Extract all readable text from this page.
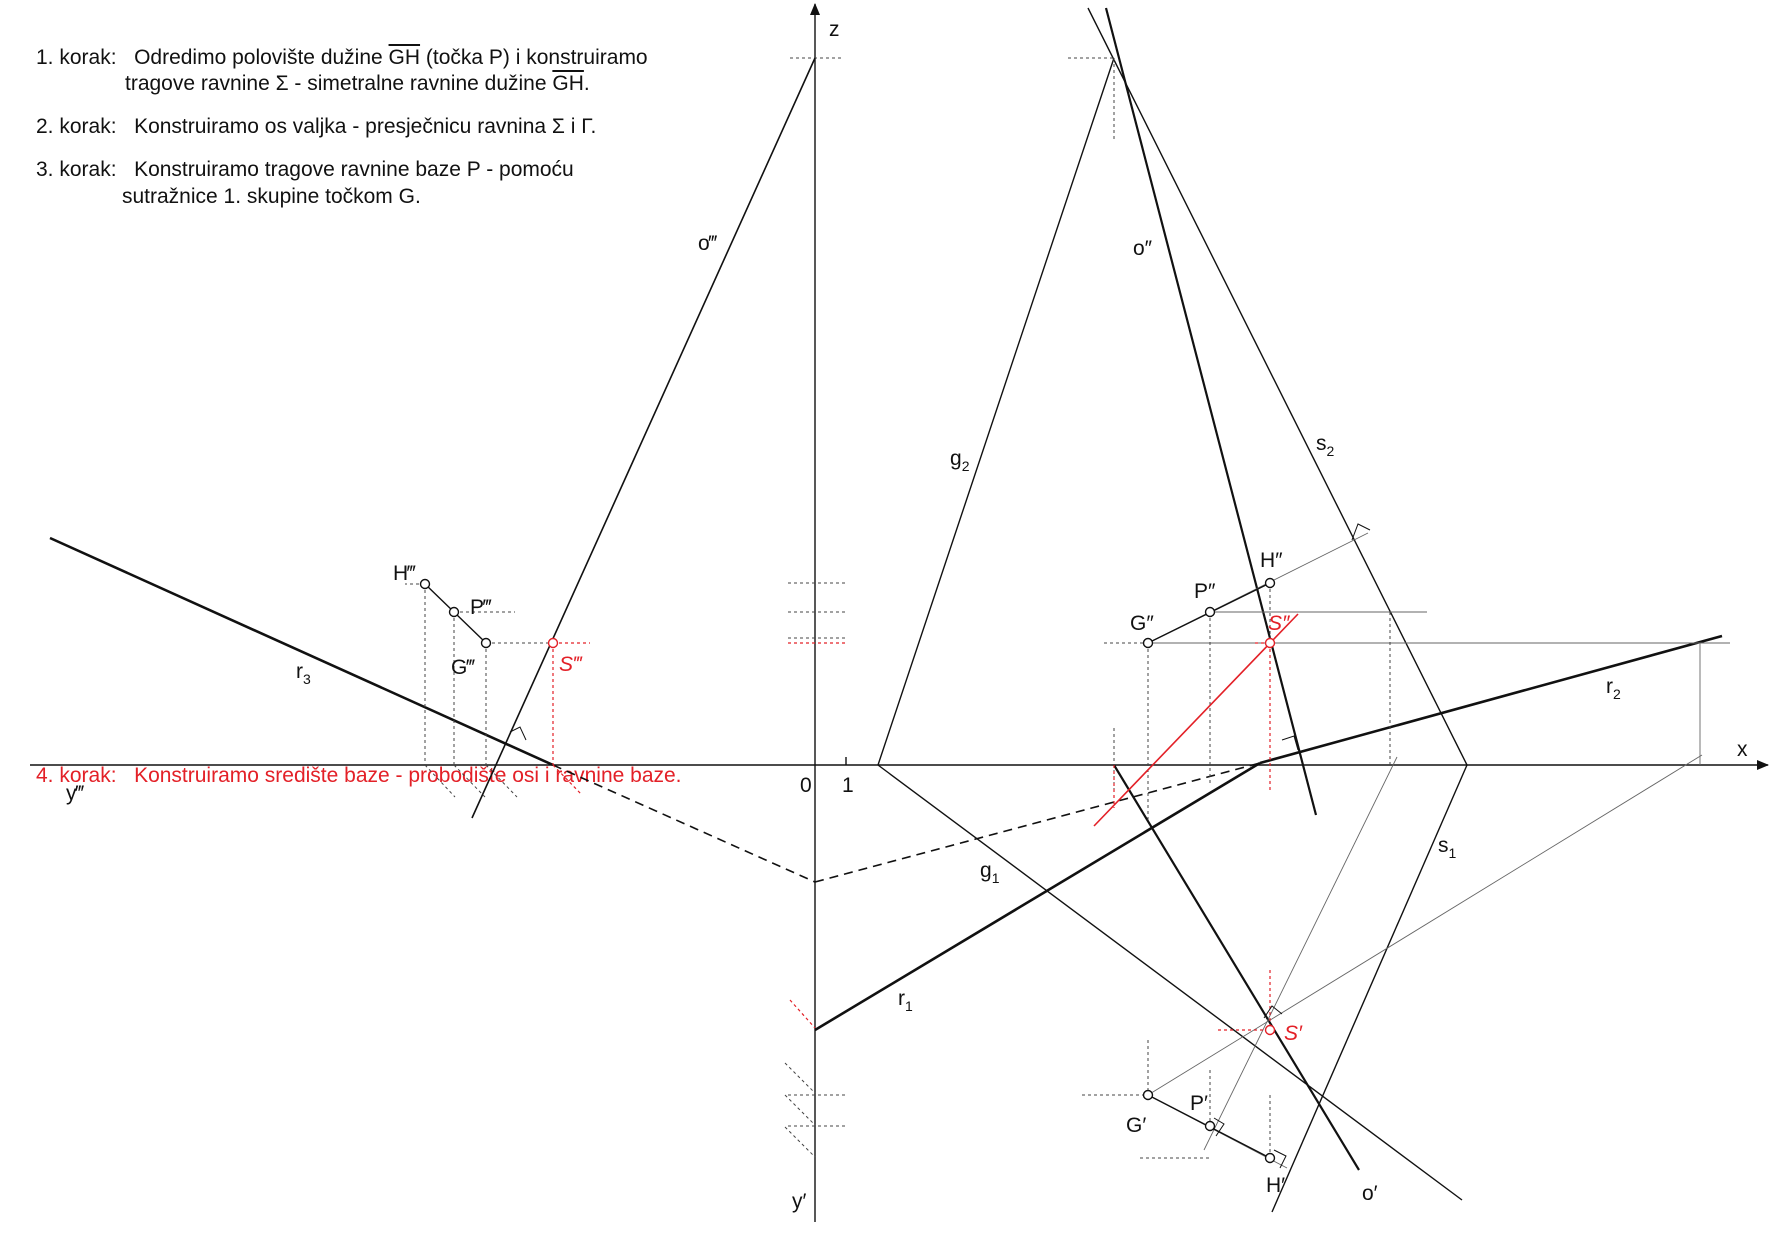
1. korak: Odredimo polovište dužine $\overline{GH}$ (točka P) i konstruiramo
tragove ravnine Σ - simetralne ravnine dužine $\overline{GH}$.
2. korak: Konstruiramo os valjka - presječnicu ravnina Σ i Γ.
3. korak: Konstruiramo tragove ravnine baze Ρ - pomoću
sutražnice 1. skupine točkom G.
4. korak: Konstruiramo središte baze - probodište osi i ravnine baze.
z
x
y‴
y′
0 1
o‴	o″
o′
$g_2$
$s_2$
$g_1$
$s_1$
$r_1$
$r_2$
$r_3$
H‴
P‴
G‴	S‴
H″
P″
G″	S″
G′
P′
H′
S′
